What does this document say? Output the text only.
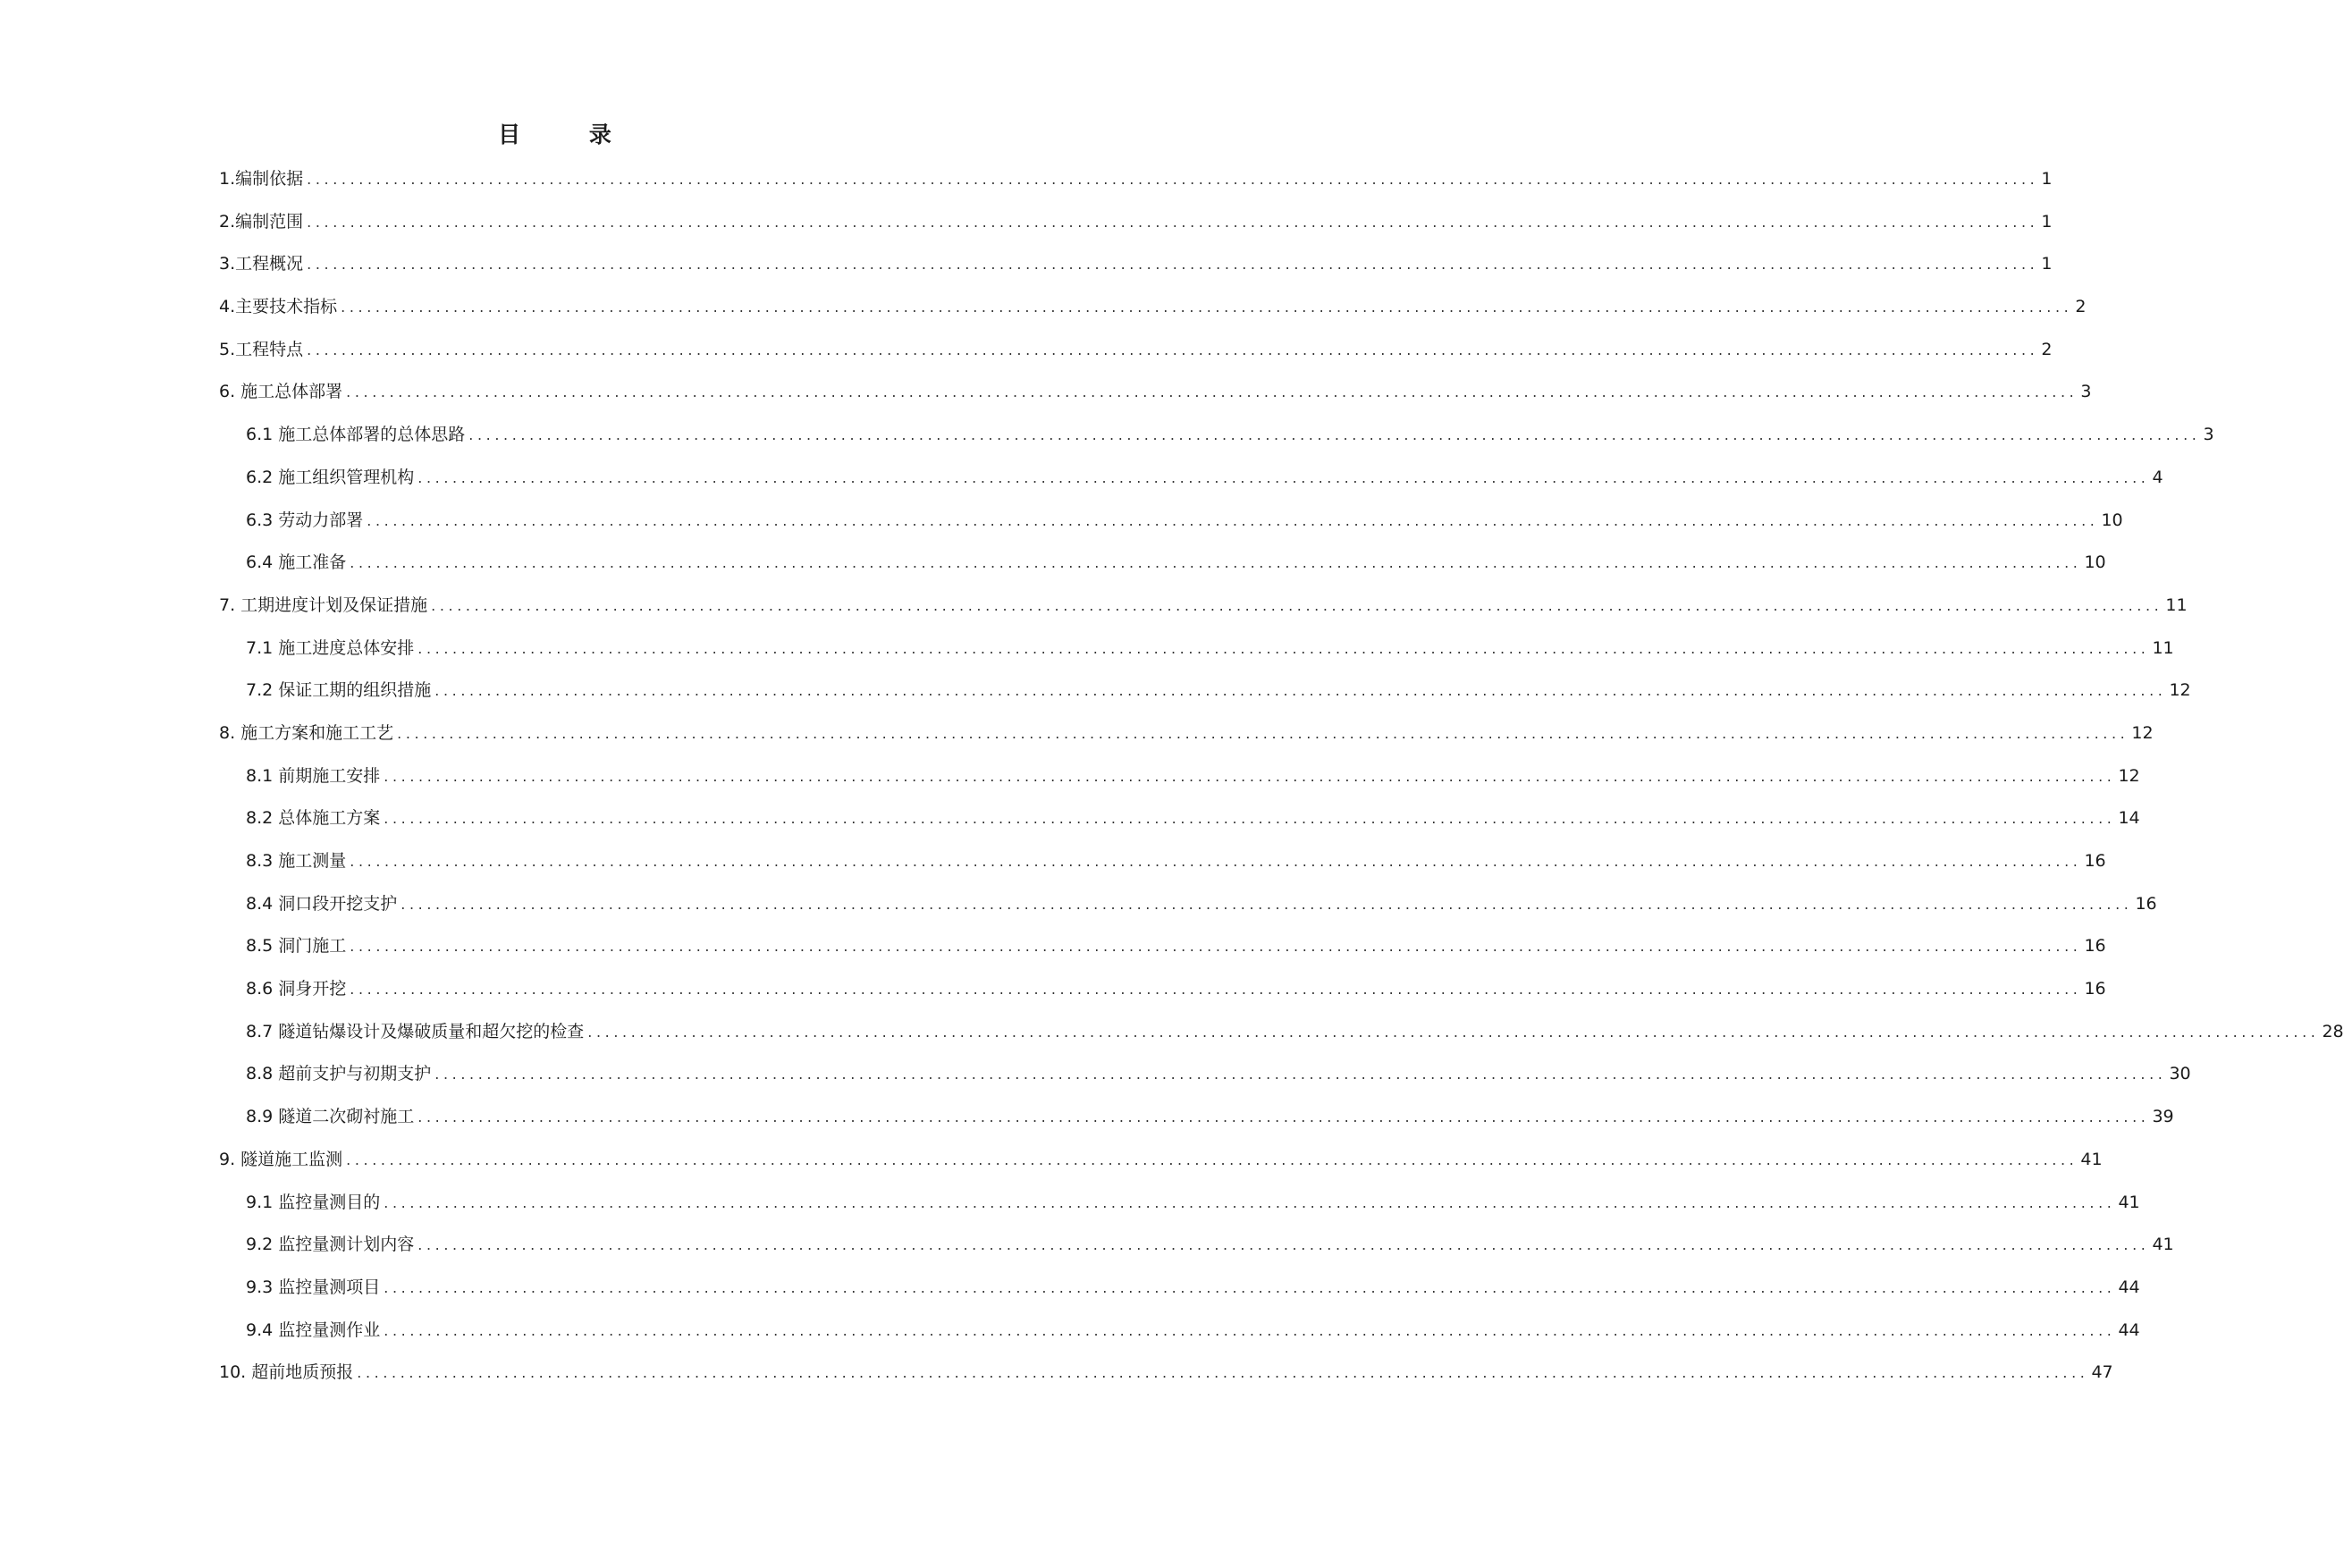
目 录
1.编制依据 ........................................................................................................................................................................................................ 1
2.编制范围 ........................................................................................................................................................................................................ 1
3.工程概况 ........................................................................................................................................................................................................ 1
4.主要技术指标 ........................................................................................................................................................................................................ 2
5.工程特点 ........................................................................................................................................................................................................ 2
6. 施工总体部署 ........................................................................................................................................................................................................ 3
6.1 施工总体部署的总体思路 ........................................................................................................................................................................................................ 3
6.2 施工组织管理机构 ........................................................................................................................................................................................................ 4
6.3 劳动力部署 ........................................................................................................................................................................................................ 10
6.4 施工准备 ........................................................................................................................................................................................................ 10
7. 工期进度计划及保证措施 ........................................................................................................................................................................................................ 11
7.1 施工进度总体安排 ........................................................................................................................................................................................................ 11
7.2 保证工期的组织措施 ........................................................................................................................................................................................................ 12
8. 施工方案和施工工艺 ........................................................................................................................................................................................................ 12
8.1 前期施工安排 ........................................................................................................................................................................................................ 12
8.2 总体施工方案 ........................................................................................................................................................................................................ 14
8.3 施工测量 ........................................................................................................................................................................................................ 16
8.4 洞口段开挖支护 ........................................................................................................................................................................................................ 16
8.5 洞门施工 ........................................................................................................................................................................................................ 16
8.6 洞身开挖 ........................................................................................................................................................................................................ 16
8.7 隧道钻爆设计及爆破质量和超欠挖的检查 ........................................................................................................................................................................................................ 28
8.8 超前支护与初期支护 ........................................................................................................................................................................................................ 30
8.9 隧道二次砌衬施工 ........................................................................................................................................................................................................ 39
9. 隧道施工监测 ........................................................................................................................................................................................................ 41
9.1 监控量测目的 ........................................................................................................................................................................................................ 41
9.2 监控量测计划内容 ........................................................................................................................................................................................................ 41
9.3 监控量测项目 ........................................................................................................................................................................................................ 44
9.4 监控量测作业 ........................................................................................................................................................................................................ 44
10. 超前地质预报 ........................................................................................................................................................................................................ 47
